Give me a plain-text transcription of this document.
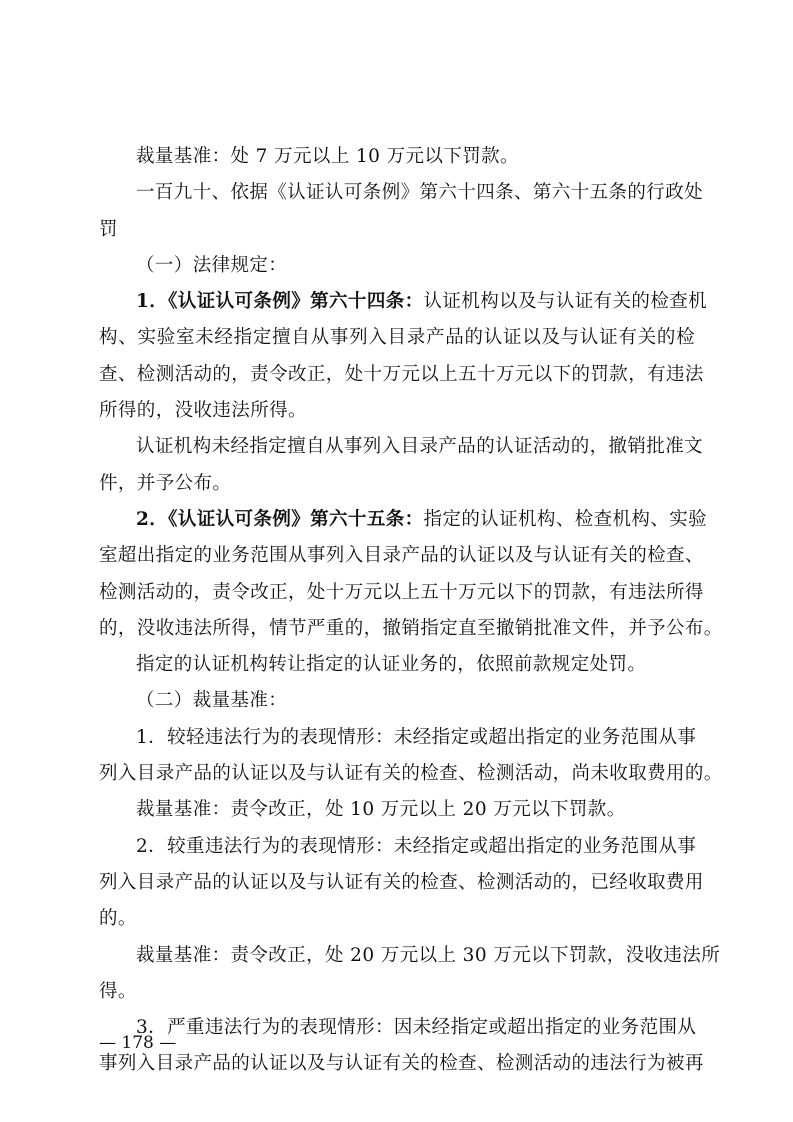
裁量基准：处 7 万元以上 10 万元以下罚款。
一百九十、依据《认证认可条例》第六十四条、第六十五条的行政处
罚
（一）法律规定：
1．《认证认可条例》第六十四条：认证机构以及与认证有关的检查机
构、实验室未经指定擅自从事列入目录产品的认证以及与认证有关的检
查、检测活动的，责令改正，处十万元以上五十万元以下的罚款，有违法
所得的，没收违法所得。
认证机构未经指定擅自从事列入目录产品的认证活动的，撤销批准文
件，并予公布。
2．《认证认可条例》第六十五条：指定的认证机构、检查机构、实验
室超出指定的业务范围从事列入目录产品的认证以及与认证有关的检查、
检测活动的，责令改正，处十万元以上五十万元以下的罚款，有违法所得
的，没收违法所得，情节严重的，撤销指定直至撤销批准文件，并予公布。
指定的认证机构转让指定的认证业务的，依照前款规定处罚。
（二）裁量基准：
1．较轻违法行为的表现情形：未经指定或超出指定的业务范围从事
列入目录产品的认证以及与认证有关的检查、检测活动，尚未收取费用的。
裁量基准：责令改正，处 10 万元以上 20 万元以下罚款。
2．较重违法行为的表现情形：未经指定或超出指定的业务范围从事
列入目录产品的认证以及与认证有关的检查、检测活动的，已经收取费用
的。
裁量基准：责令改正，处 20 万元以上 30 万元以下罚款，没收违法所
得。
3．严重违法行为的表现情形：因未经指定或超出指定的业务范围从
事列入目录产品的认证以及与认证有关的检查、检测活动的违法行为被再
— 178 —
